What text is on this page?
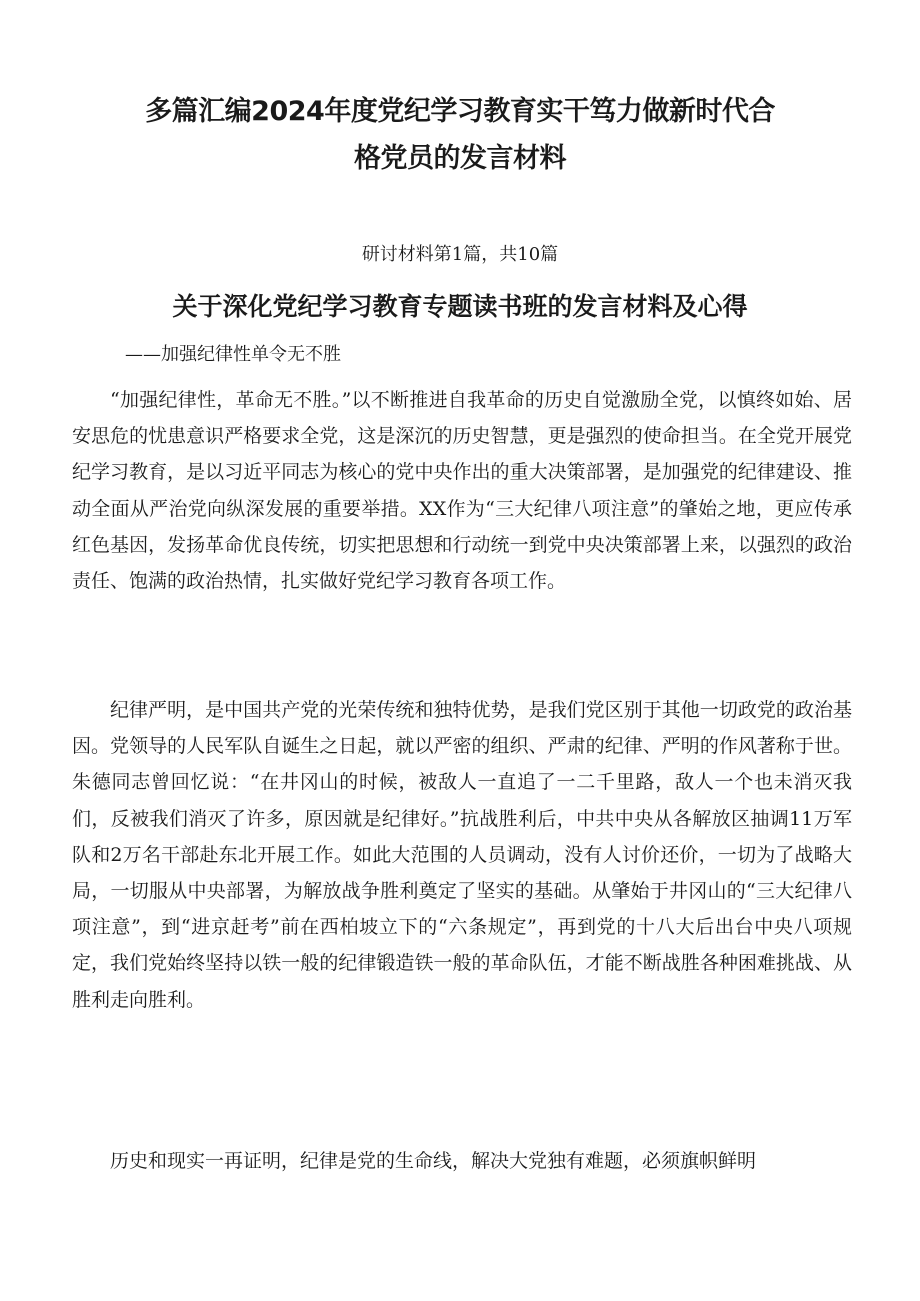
多篇汇编2024年度党纪学习教育实干笃力做新时代合
格党员的发言材料
研讨材料第1篇，共10篇
关于深化党纪学习教育专题读书班的发言材料及心得
——加强纪律性单令无不胜

“加强纪律性，革命无不胜。”以不断推进自我革命的历史自觉激励全党，以慎终如始、居安思危的忧患意识严格要求全党，这是深沉的历史智慧，更是强烈的使命担当。在全党开展党纪学习教育，是以习近平同志为核心的党中央作出的重大决策部署，是加强党的纪律建设、推动全面从严治党向纵深发展的重要举措。XX作为“三大纪律八项注意”的肇始之地，更应传承红色基因，发扬革命优良传统，切实把思想和行动统一到党中央决策部署上来，以强烈的政治责任、饱满的政治热情，扎实做好党纪学习教育各项工作。

纪律严明，是中国共产党的光荣传统和独特优势，是我们党区别于其他一切政党的政治基因。党领导的人民军队自诞生之日起，就以严密的组织、严肃的纪律、严明的作风著称于世。朱德同志曾回忆说：“在井冈山的时候，被敌人一直追了一二千里路，敌人一个也未消灭我们，反被我们消灭了许多，原因就是纪律好。”抗战胜利后，中共中央从各解放区抽调11万军队和2万名干部赴东北开展工作。如此大范围的人员调动，没有人讨价还价，一切为了战略大局，一切服从中央部署，为解放战争胜利奠定了坚实的基础。从肇始于井冈山的“三大纪律八项注意”，到“进京赶考”前在西柏坡立下的“六条规定”，再到党的十八大后出台中央八项规定，我们党始终坚持以铁一般的纪律锻造铁一般的革命队伍，才能不断战胜各种困难挑战、从胜利走向胜利。

历史和现实一再证明，纪律是党的生命线，解决大党独有难题，必须旗帜鲜明
